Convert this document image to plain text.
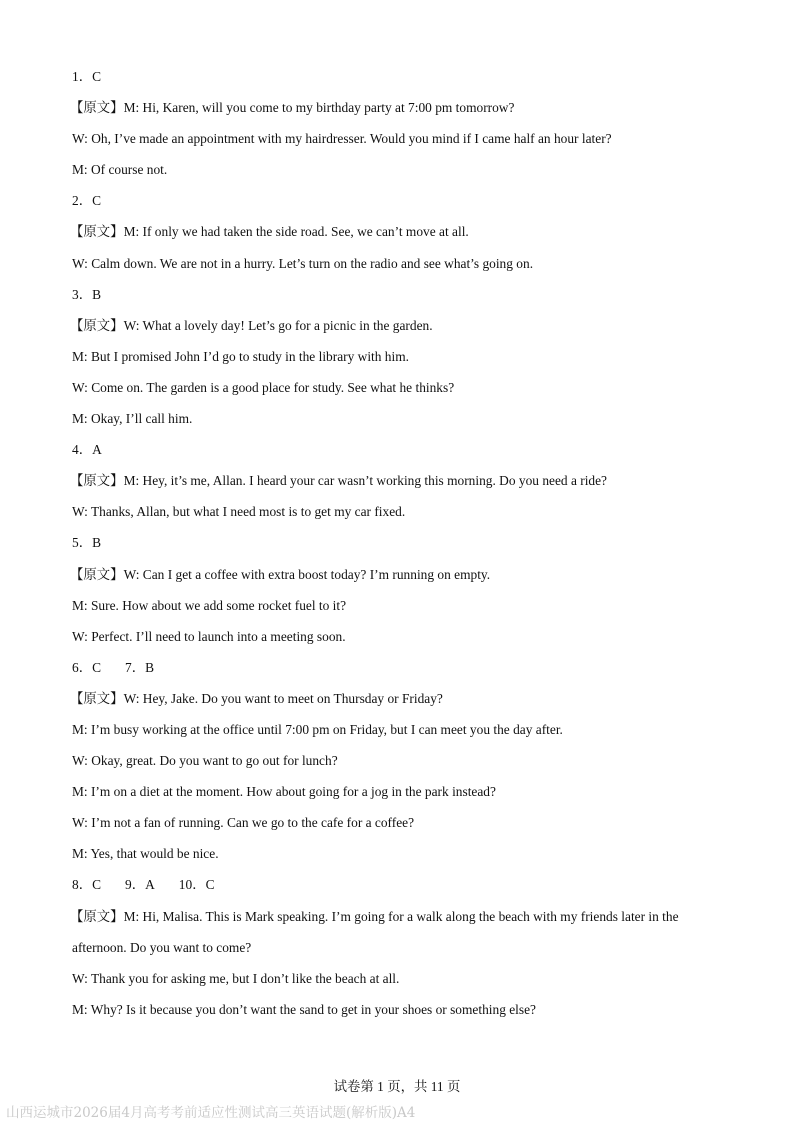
1．C
【原文】M: Hi, Karen, will you come to my birthday party at 7:00 pm tomorrow?
W: Oh, I’ve made an appointment with my hairdresser. Would you mind if I came half an hour later?
M: Of course not.
2．C
【原文】M: If only we had taken the side road. See, we can’t move at all.
W: Calm down. We are not in a hurry. Let’s turn on the radio and see what’s going on.
3．B
【原文】W: What a lovely day! Let’s go for a picnic in the garden.
M: But I promised John I’d go to study in the library with him.
W: Come on. The garden is a good place for study. See what he thinks?
M: Okay, I’ll call him.
4．A
【原文】M: Hey, it’s me, Allan. I heard your car wasn’t working this morning. Do you need a ride?
W: Thanks, Allan, but what I need most is to get my car fixed.
5．B
【原文】W: Can I get a coffee with extra boost today? I’m running on empty.
M: Sure. How about we add some rocket fuel to it?
W: Perfect. I’ll need to launch into a meeting soon.
6．C 7．B
【原文】W: Hey, Jake. Do you want to meet on Thursday or Friday?
M: I’m busy working at the office until 7:00 pm on Friday, but I can meet you the day after.
W: Okay, great. Do you want to go out for lunch?
M: I’m on a diet at the moment. How about going for a jog in the park instead?
W: I’m not a fan of running. Can we go to the cafe for a coffee?
M: Yes, that would be nice.
8．C 9．A 10．C
【原文】M: Hi, Malisa. This is Mark speaking. I’m going for a walk along the beach with my friends later in the
afternoon. Do you want to come?
W: Thank you for asking me, but I don’t like the beach at all.
M: Why? Is it because you don’t want the sand to get in your shoes or something else?
试卷第 1 页，共 11 页
山西运城市2026届4月高考考前适应性测试高三英语试题(解析版)A4
